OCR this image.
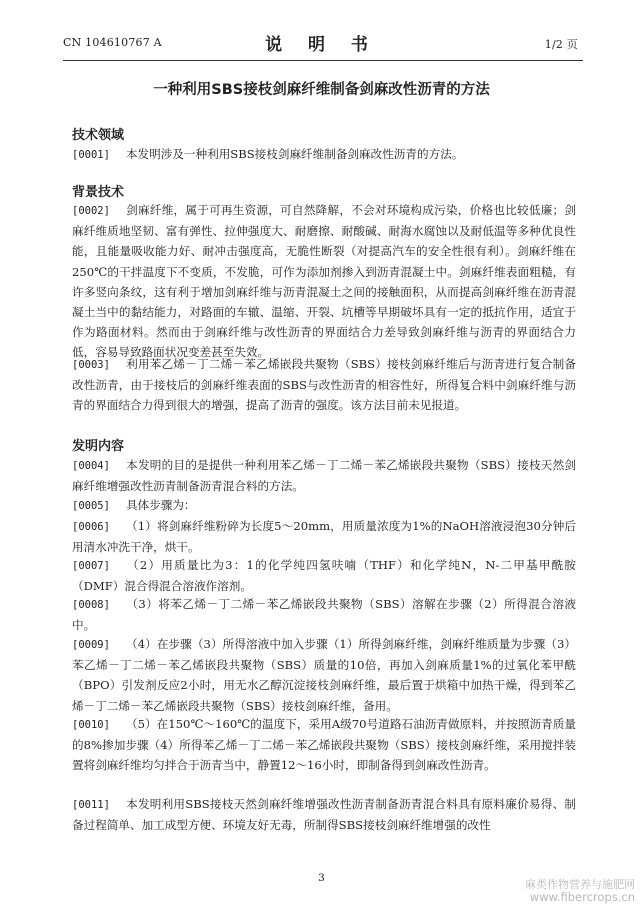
CN 104610767 A	说 明 书	1/2 页
一种利用SBS接枝剑麻纤维制备剑麻改性沥青的方法
技术领域

[0001] 本发明涉及一种利用SBS接枝剑麻纤维制备剑麻改性沥青的方法。

背景技术

[0002] 剑麻纤维，属于可再生资源，可自然降解，不会对环境构成污染，价格也比较低廉；剑麻纤维质地坚韧、富有弹性、拉伸强度大、耐磨擦、耐酸碱、耐海水腐蚀以及耐低温等多种优良性能，且能量吸收能力好、耐冲击强度高，无脆性断裂（对提高汽车的安全性很有利）。剑麻纤维在250℃的干拌温度下不变质，不发脆，可作为添加剂掺入到沥青混凝土中。剑麻纤维表面粗糙，有许多竖向条纹，这有利于增加剑麻纤维与沥青混凝土之间的接触面积，从而提高剑麻纤维在沥青混凝土当中的黏结能力，对路面的车辙、温缩、开裂、坑槽等早期破坏具有一定的抵抗作用，适宜于作为路面材料。然而由于剑麻纤维与改性沥青的界面结合力差导致剑麻纤维与沥青的界面结合力低，容易导致路面状况变差甚至失效。

[0003] 利用苯乙烯－丁二烯－苯乙烯嵌段共聚物（SBS）接枝剑麻纤维后与沥青进行复合制备改性沥青，由于接枝后的剑麻纤维表面的SBS与改性沥青的相容性好，所得复合料中剑麻纤维与沥青的界面结合力得到很大的增强，提高了沥青的强度。该方法目前未见报道。

发明内容

[0004] 本发明的目的是提供一种利用苯乙烯－丁二烯－苯乙烯嵌段共聚物（SBS）接枝天然剑麻纤维增强改性沥青制备沥青混合料的方法。

[0005] 具体步骤为：

[0006] （1）将剑麻纤维粉碎为长度5～20mm，用质量浓度为1%的NaOH溶液浸泡30分钟后用清水冲洗干净，烘干。

[0007] （2）用质量比为3：1的化学纯四氢呋喃（THF）和化学纯N，N-二甲基甲酰胺（DMF）混合得混合溶液作溶剂。

[0008] （3）将苯乙烯－丁二烯－苯乙烯嵌段共聚物（SBS）溶解在步骤（2）所得混合溶液中。

[0009] （4）在步骤（3）所得溶液中加入步骤（1）所得剑麻纤维，剑麻纤维质量为步骤（3）苯乙烯－丁二烯－苯乙烯嵌段共聚物（SBS）质量的10倍，再加入剑麻质量1%的过氧化苯甲酰（BPO）引发剂反应2小时，用无水乙醇沉淀接枝剑麻纤维，最后置于烘箱中加热干燥，得到苯乙烯－丁二烯－苯乙烯嵌段共聚物（SBS）接枝剑麻纤维，备用。

[0010] （5）在150℃～160℃的温度下，采用A级70号道路石油沥青做原料，并按照沥青质量的8%掺加步骤（4）所得苯乙烯－丁二烯－苯乙烯嵌段共聚物（SBS）接枝剑麻纤维，采用搅拌装置将剑麻纤维均匀拌合于沥青当中，静置12～16小时，即制备得到剑麻改性沥青。

[0011] 本发明利用SBS接枝天然剑麻纤维增强改性沥青制备沥青混合料具有原料廉价易得、制备过程简单、加工成型方便、环境友好无毒，所制得SBS接枝剑麻纤维增强的改性

3	麻类作物营养与施肥网
www.fibercrops.cn
